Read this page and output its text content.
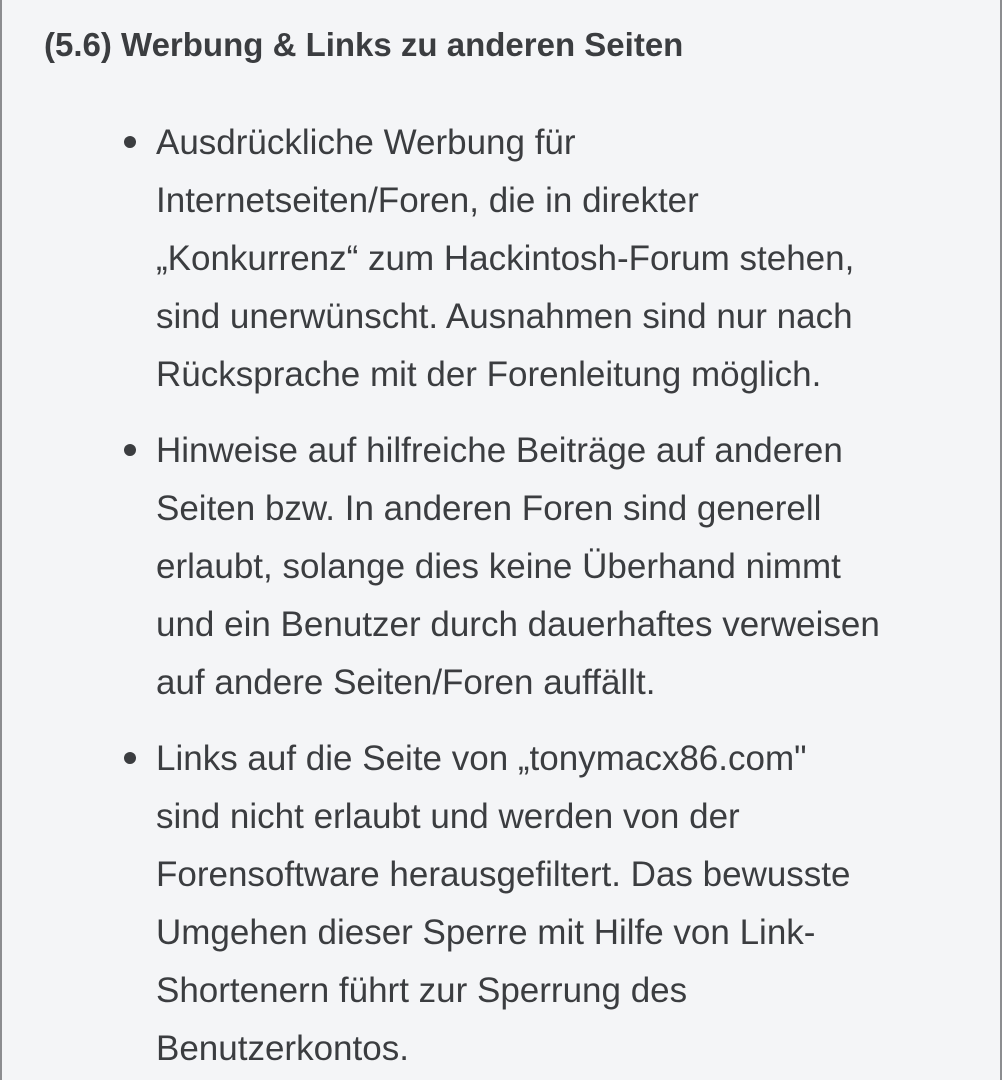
(5.6) Werbung & Links zu anderen Seiten

Ausdrückliche Werbung für
Internetseiten/Foren, die in direkter
„Konkurrenz“ zum Hackintosh-Forum stehen,
sind unerwünscht. Ausnahmen sind nur nach
Rücksprache mit der Forenleitung möglich.

Hinweise auf hilfreiche Beiträge auf anderen
Seiten bzw. In anderen Foren sind generell
erlaubt, solange dies keine Überhand nimmt
und ein Benutzer durch dauerhaftes verweisen
auf andere Seiten/Foren auffällt.

Links auf die Seite von „tonymacx86.com"
sind nicht erlaubt und werden von der
Forensoftware herausgefiltert. Das bewusste
Umgehen dieser Sperre mit Hilfe von Link-
Shortenern führt zur Sperrung des
Benutzerkontos.
